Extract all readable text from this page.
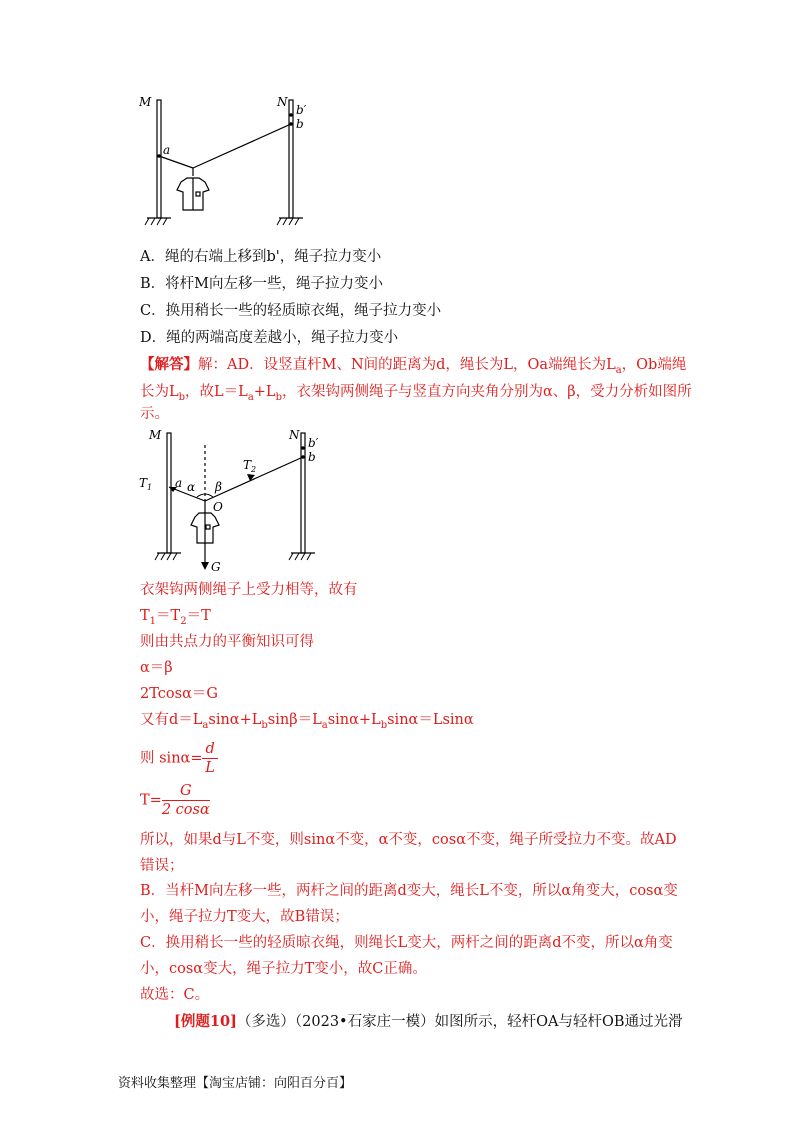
M	N
a
b′
b
A．绳的右端上移到b'，绳子拉力变小
B．将杆M向左移一些，绳子拉力变小
C．换用稍长一些的轻质晾衣绳，绳子拉力变小
D．绳的两端高度差越小，绳子拉力变小
【解答】解：AD．设竖直杆M、N间的距离为d，绳长为L，Oa端绳长为$L_a$，Ob端绳
长为$L_b$，故$L=L_a+L_b$，衣架钩两侧绳子与竖直方向夹角分别为α、β，受力分析如图所
示。
M	N
a
b′
b
$T_1$
$T_2$
α β
O
G
衣架钩两侧绳子上受力相等，故有
$T_1=T_2=T$
则由共点力的平衡知识可得
α＝β
2Tcosα＝G
又有$d=L_a\sin\alpha+L_b\sin\beta=L_a\sin\alpha+L_b\sin\alpha=Lsin\alpha$
则 $\sin\alpha= \frac{d}{L}$
$T= \frac{G}{2 \cos\alpha}$
所以，如果d与L不变，则sinα不变，α不变，cosα不变，绳子所受拉力不变。故AD
错误；
B．当杆M向左移一些，两杆之间的距离d变大，绳长L不变，所以α角变大，cosα变
小，绳子拉力T变大，故B错误；
C．换用稍长一些的轻质晾衣绳，则绳长L变大，两杆之间的距离d不变，所以α角变
小，cosα变大，绳子拉力T变小，故C正确。
故选：C。
[例题10]（多选）（2023•石家庄一模）如图所示，轻杆OA与轻杆OB通过光滑
资料收集整理【淘宝店铺：向阳百分百】
